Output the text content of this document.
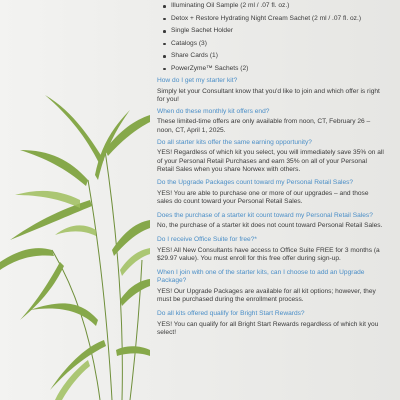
Illuminating Oil Sample (2 ml / .07 fl. oz.)
Detox + Restore Hydrating Night Cream Sachet (2 ml / .07 fl. oz.)
Single Sachet Holder
Catalogs (3)
Share Cards (1)
PowerZyme™ Sachets (2)

How do I get my starter kit?

Simply let your Consultant know that you'd like to join and which offer is right for you!

When do these monthly kit offers end?

These limited-time offers are only available from noon, CT, February 26 – noon, CT, April 1, 2025.

Do all starter kits offer the same earning opportunity?

YES! Regardless of which kit you select, you will immediately save 35% on all of your Personal Retail Purchases and earn 35% on all of your Personal Retail Sales when you share Norwex with others.

Do the Upgrade Packages count toward my Personal Retail Sales?

YES! You are able to purchase one or more of our upgrades – and those sales do count toward your Personal Retail Sales.

Does the purchase of a starter kit count toward my Personal Retail Sales?

No, the purchase of a starter kit does not count toward Personal Retail Sales.

Do I receive Office Suite for free?*

YES! All New Consultants have access to Office Suite FREE for 3 months (a $29.97 value). You must enroll for this free offer during sign-up.

When I join with one of the starter kits, can I choose to add an Upgrade Package?

YES! Our Upgrade Packages are available for all kit options; however, they must be purchased during the enrollment process.

Do all kits offered qualify for Bright Start Rewards?

YES! You can qualify for all Bright Start Rewards regardless of which kit you select!
